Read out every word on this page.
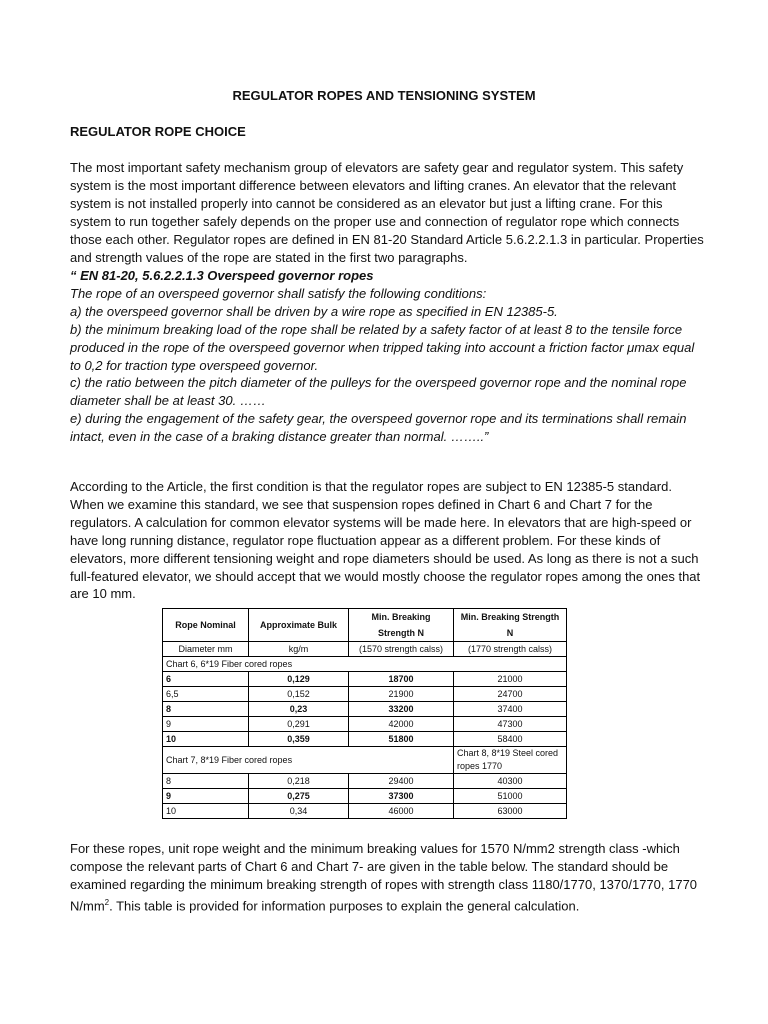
REGULATOR ROPES AND TENSIONING SYSTEM
REGULATOR ROPE CHOICE

The most important safety mechanism group of elevators are safety gear and regulator system. This safety system is the most important difference between elevators and lifting cranes. An elevator that the relevant system is not installed properly into cannot be considered as an elevator but just a lifting crane. For this system to run together safely depends on the proper use and connection of regulator rope which connects those each other. Regulator ropes are defined in EN 81-20 Standard Article 5.6.2.2.1.3 in particular. Properties and strength values of the rope are stated in the first two paragraphs.

“ EN 81-20, 5.6.2.2.1.3 Overspeed governor ropes
The rope of an overspeed governor shall satisfy the following conditions:
a) the overspeed governor shall be driven by a wire rope as specified in EN 12385-5.
b) the minimum breaking load of the rope shall be related by a safety factor of at least 8 to the tensile force produced in the rope of the overspeed governor when tripped taking into account a friction factor μmax equal to 0,2 for traction type overspeed governor.
c) the ratio between the pitch diameter of the pulleys for the overspeed governor rope and the nominal rope diameter shall be at least 30. ……
e) during the engagement of the safety gear, the overspeed governor rope and its terminations shall remain intact, even in the case of a braking distance greater than normal. ……..”

According to the Article, the first condition is that the regulator ropes are subject to EN 12385-5 standard. When we examine this standard, we see that suspension ropes defined in Chart 6 and Chart 7 for the regulators. A calculation for common elevator systems will be made here. In elevators that are high-speed or have long running distance, regulator rope fluctuation appear as a different problem. For these kinds of elevators, more different tensioning weight and rope diameters should be used. As long as there is not a such full-featured elevator, we should accept that we would mostly choose the regulator ropes among the ones that are 10 mm.

Rope Nominal	Approximate Bulk	Min. Breaking Strength N	Min. Breaking Strength N
Diameter mm	kg/m	(1570 strength calss)	(1770 strength calss)
Chart 6, 6*19 Fiber cored ropes			
6	0,129	18700	21000
6,5	0,152	21900	24700
8	0,23	33200	37400
9	0,291	42000	47300
10	0,359	51800	58400
Chart 7, 8*19 Fiber cored ropes			Chart 8, 8*19 Steel cored ropes 1770
8	0,218	29400	40300
9	0,275	37300	51000
10	0,34	46000	63000

For these ropes, unit rope weight and the minimum breaking values for 1570 N/mm2 strength class -which compose the relevant parts of Chart 6 and Chart 7- are given in the table below. The standard should be examined regarding the minimum breaking strength of ropes with strength class 1180/1770, 1370/1770, 1770 $N/mm^2$. This table is provided for information purposes to explain the general calculation.
